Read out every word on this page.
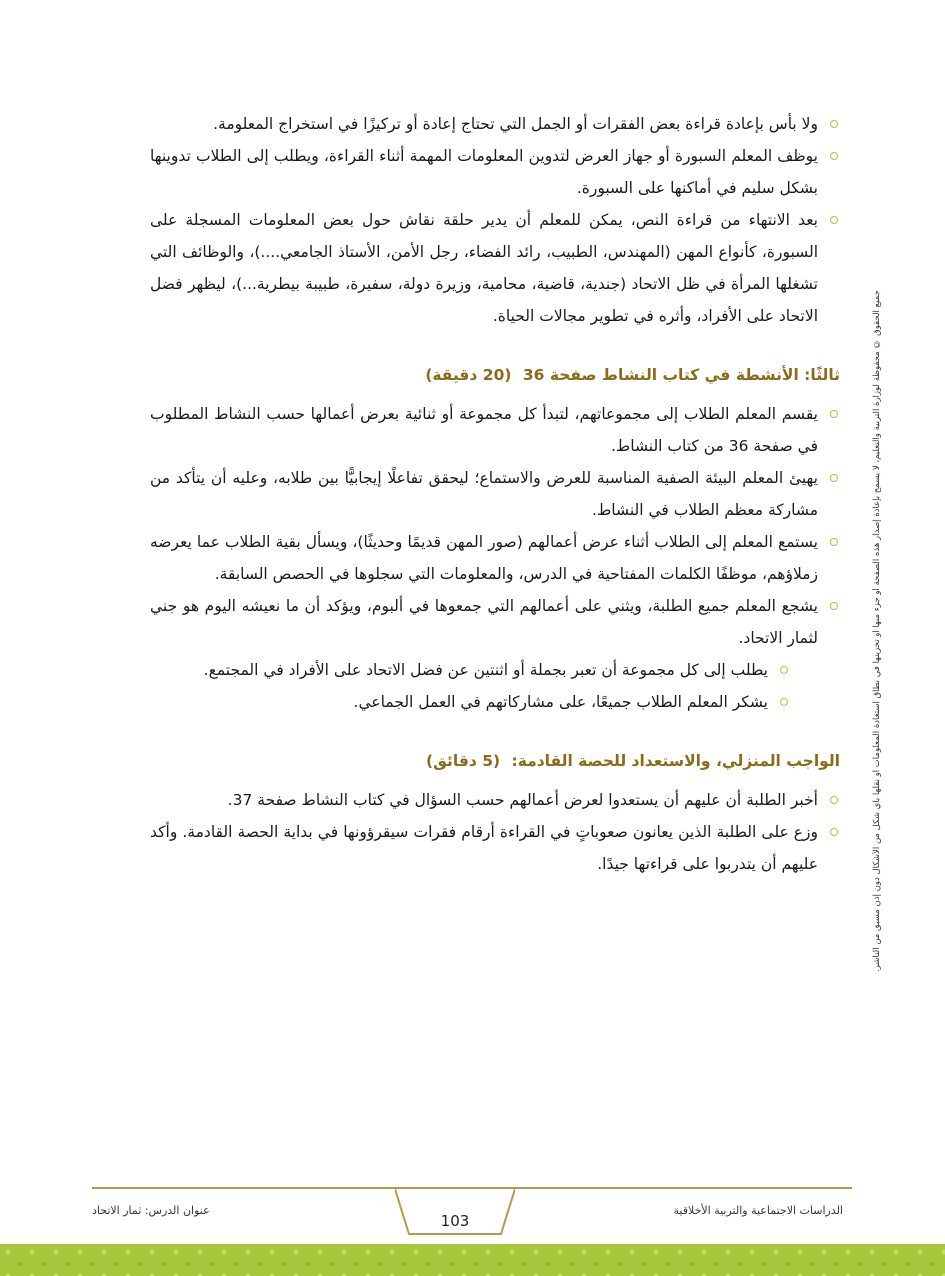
جميع الحقوق © محفوظة لوزارة التربية والتعليم، لا يسمح بإعادة إصدار هذه الصفحة أو جزء منها أو تخزينها في نطاق استعادة المعلومات أو نقلها بأي شكل من الأشكال دون إذن مسبق من الناشر.
ولا بأس بإعادة قراءة بعض الفقرات أو الجمل التي تحتاج إعادة أو تركيزًا في استخراج المعلومة.
يوظف المعلم السبورة أو جهاز العرض لتدوين المعلومات المهمة أثناء القراءة، ويطلب إلى الطلاب تدوينها بشكل سليم في أماكنها على السبورة.
بعد الانتهاء من قراءة النص، يمكن للمعلم أن يدير حلقة نقاش حول بعض المعلومات المسجلة على السبورة، كأنواع المهن (المهندس، الطبيب، رائد الفضاء، رجل الأمن، الأستاذ الجامعي....)، والوظائف التي تشغلها المرأة في ظل الاتحاد (جندية، قاضية، محامية، وزيرة دولة، سفيرة، طبيبة بيطرية...)، ليظهر فضل الاتحاد على الأفراد، وأثره في تطوير مجالات الحياة.
ثالثًا: الأنشطة في كتاب النشاط صفحة 36 (20 دقيقة)
يقسم المعلم الطلاب إلى مجموعاتهم، لتبدأ كل مجموعة أو ثنائية بعرض أعمالها حسب النشاط المطلوب في صفحة 36 من كتاب النشاط.
يهيئ المعلم البيئة الصفية المناسبة للعرض والاستماع؛ ليحقق تفاعلًا إيجابيًّا بين طلابه، وعليه أن يتأكد من مشاركة معظم الطلاب في النشاط.
يستمع المعلم إلى الطلاب أثناء عرض أعمالهم (صور المهن قديمًا وحديثًا)، ويسأل بقية الطلاب عما يعرضه زملاؤهم، موظفًا الكلمات المفتاحية في الدرس، والمعلومات التي سجلوها في الحصص السابقة.
يشجع المعلم جميع الطلبة، ويثني على أعمالهم التي جمعوها في ألبوم، ويؤكد أن ما نعيشه اليوم هو جني لثمار الاتحاد.
يطلب إلى كل مجموعة أن تعبر بجملة أو اثنتين عن فضل الاتحاد على الأفراد في المجتمع.
يشكر المعلم الطلاب جميعًا، على مشاركاتهم في العمل الجماعي.
الواجب المنزلي، والاستعداد للحصة القادمة: (5 دقائق)
أخبر الطلبة أن عليهم أن يستعدوا لعرض أعمالهم حسب السؤال في كتاب النشاط صفحة 37.
وزع على الطلبة الذين يعانون صعوباتٍ في القراءة أرقام فقرات سيقرؤونها في بداية الحصة القادمة. وأكد عليهم أن يتدربوا على قراءتها جيدًا.
الدراسات الاجتماعية والتربية الأخلاقية
103
عنوان الدرس: ثمار الاتحاد
